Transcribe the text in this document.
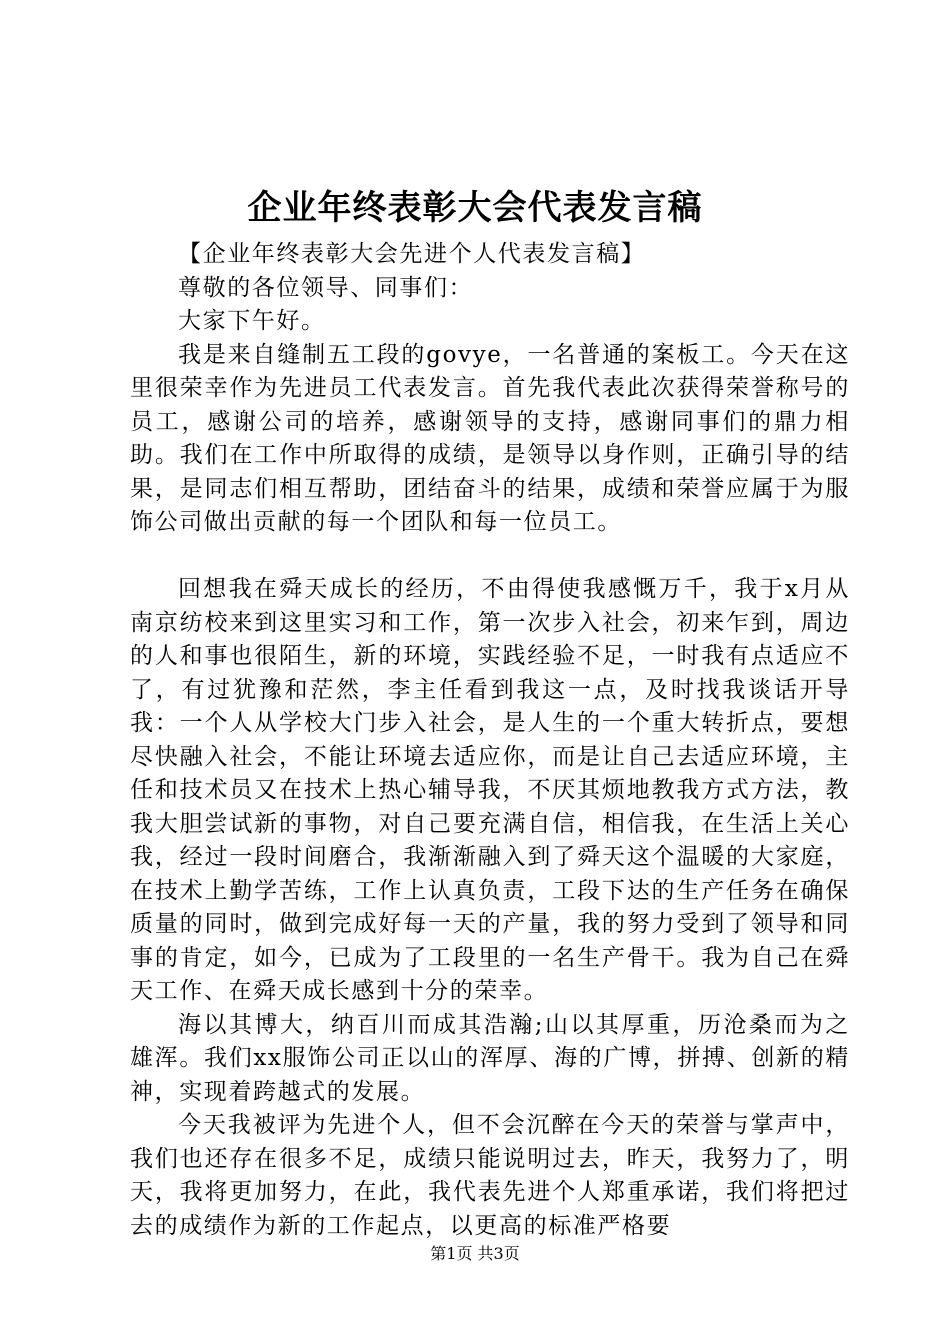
企业年终表彰大会代表发言稿

【企业年终表彰大会先进个人代表发言稿】

尊敬的各位领导、同事们：

大家下午好。

我是来自缝制五工段的govye，一名普通的案板工。今天在这里很荣幸作为先进员工代表发言。首先我代表此次获得荣誉称号的员工，感谢公司的培养，感谢领导的支持，感谢同事们的鼎力相助。我们在工作中所取得的成绩，是领导以身作则，正确引导的结果，是同志们相互帮助，团结奋斗的结果，成绩和荣誉应属于为服饰公司做出贡献的每一个团队和每一位员工。

回想我在舜天成长的经历，不由得使我感慨万千，我于x月从南京纺校来到这里实习和工作，第一次步入社会，初来乍到，周边的人和事也很陌生，新的环境，实践经验不足，一时我有点适应不了，有过犹豫和茫然，李主任看到我这一点，及时找我谈话开导我：一个人从学校大门步入社会，是人生的一个重大转折点，要想尽快融入社会，不能让环境去适应你，而是让自己去适应环境，主任和技术员又在技术上热心辅导我，不厌其烦地教我方式方法，教我大胆尝试新的事物，对自己要充满自信，相信我，在生活上关心我，经过一段时间磨合，我渐渐融入到了舜天这个温暖的大家庭，在技术上勤学苦练，工作上认真负责，工段下达的生产任务在确保质量的同时，做到完成好每一天的产量，我的努力受到了领导和同事的肯定，如今，已成为了工段里的一名生产骨干。我为自己在舜天工作、在舜天成长感到十分的荣幸。

海以其博大，纳百川而成其浩瀚;山以其厚重，历沧桑而为之雄浑。我们xx服饰公司正以山的浑厚、海的广博，拼搏、创新的精神，实现着跨越式的发展。

今天我被评为先进个人，但不会沉醉在今天的荣誉与掌声中，我们也还存在很多不足，成绩只能说明过去，昨天，我努力了，明天，我将更加努力，在此，我代表先进个人郑重承诺，我们将把过去的成绩作为新的工作起点，以更高的标准严格要

第1页 共3页
